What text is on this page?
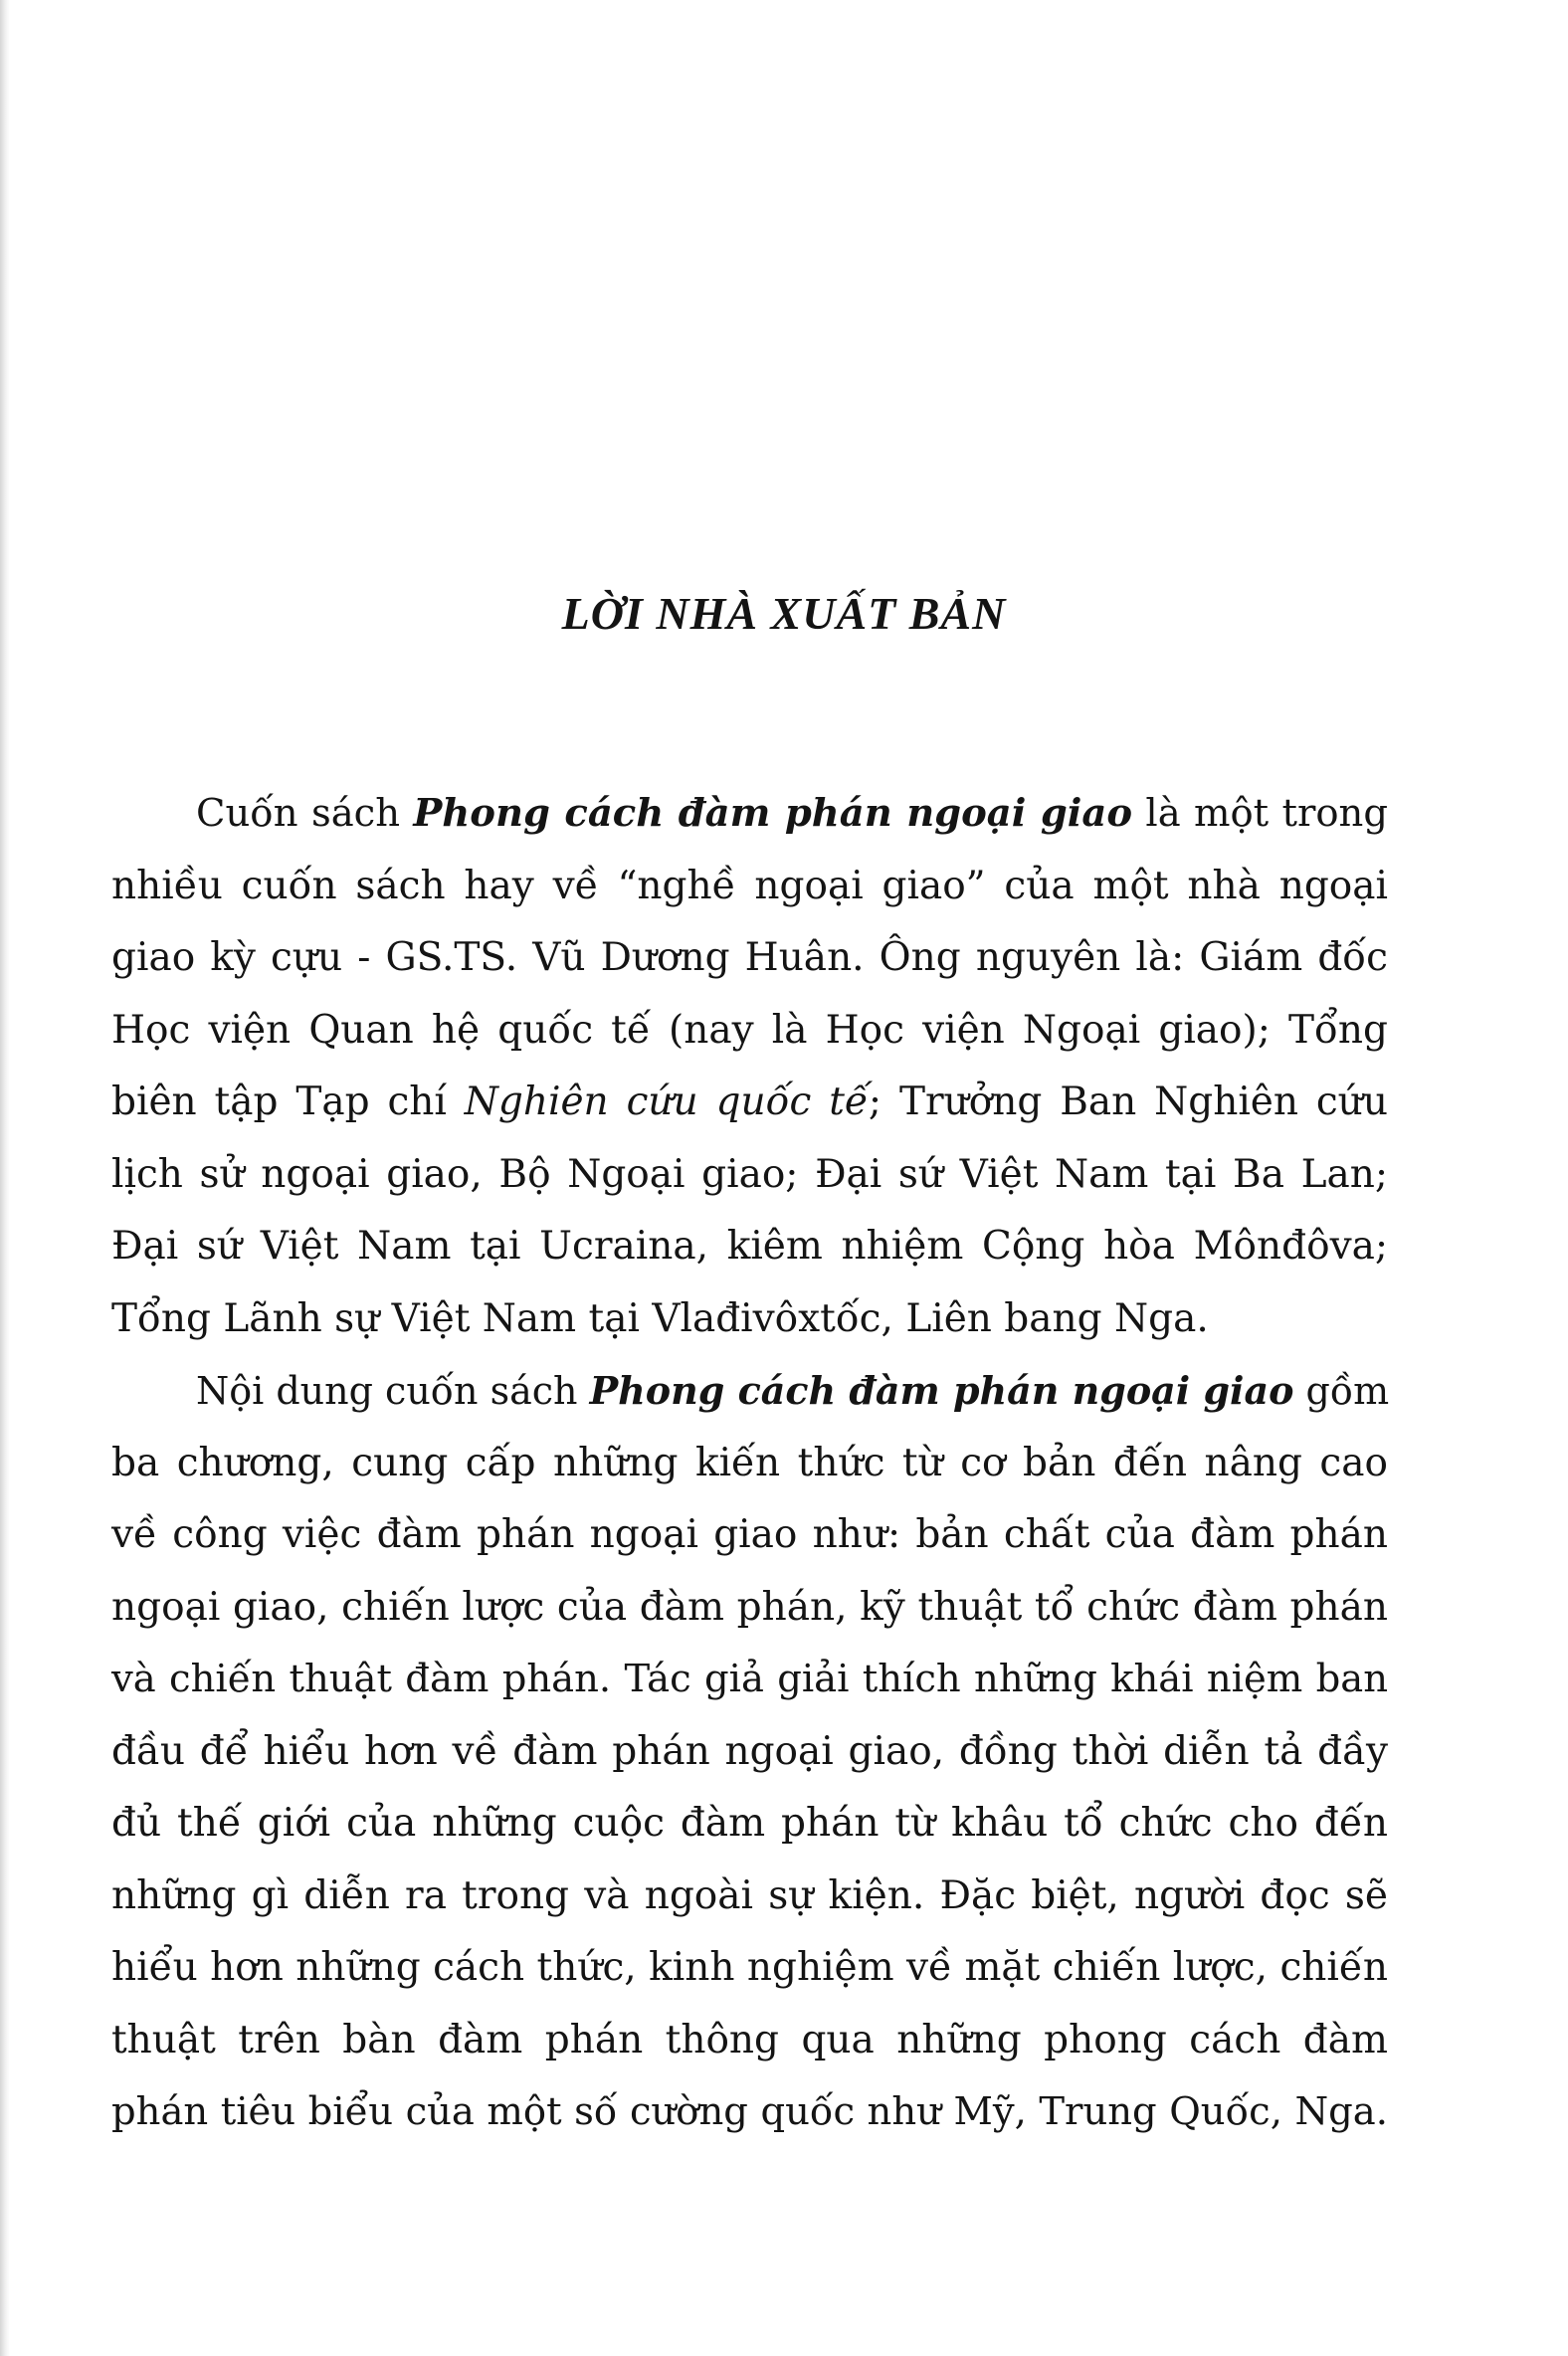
LỜI NHÀ XUẤT BẢN
Cuốn sách Phong cách đàm phán ngoại giao là một trong
nhiều cuốn sách hay về “nghề ngoại giao” của một nhà ngoại
giao kỳ cựu - GS.TS. Vũ Dương Huân. Ông nguyên là: Giám đốc
Học viện Quan hệ quốc tế (nay là Học viện Ngoại giao); Tổng
biên tập Tạp chí Nghiên cứu quốc tế; Trưởng Ban Nghiên cứu
lịch sử ngoại giao, Bộ Ngoại giao; Đại sứ Việt Nam tại Ba Lan;
Đại sứ Việt Nam tại Ucraina, kiêm nhiệm Cộng hòa Mônđôva;
Tổng Lãnh sự Việt Nam tại Vlađivôxtốc, Liên bang Nga.
Nội dung cuốn sách Phong cách đàm phán ngoại giao gồm
ba chương, cung cấp những kiến thức từ cơ bản đến nâng cao
về công việc đàm phán ngoại giao như: bản chất của đàm phán
ngoại giao, chiến lược của đàm phán, kỹ thuật tổ chức đàm phán
và chiến thuật đàm phán. Tác giả giải thích những khái niệm ban
đầu để hiểu hơn về đàm phán ngoại giao, đồng thời diễn tả đầy
đủ thế giới của những cuộc đàm phán từ khâu tổ chức cho đến
những gì diễn ra trong và ngoài sự kiện. Đặc biệt, người đọc sẽ
hiểu hơn những cách thức, kinh nghiệm về mặt chiến lược, chiến
thuật trên bàn đàm phán thông qua những phong cách đàm
phán tiêu biểu của một số cường quốc như Mỹ, Trung Quốc, Nga.
